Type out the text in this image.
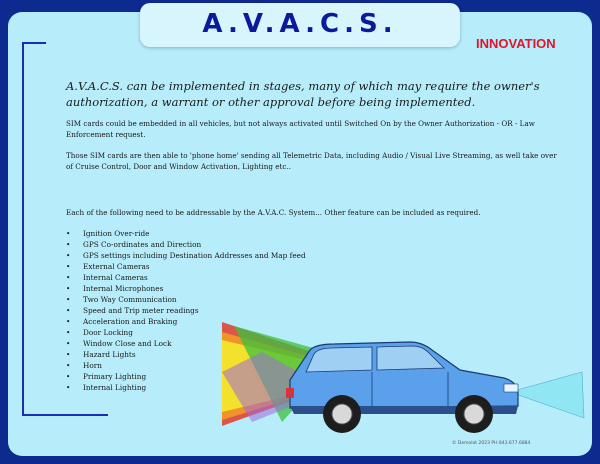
A.V.A.C.S.
INNOVATION
A.V.A.C.S. can be implemented in stages, many of which may require the owner's authorization, a warrant or other approval before being implemented.
SIM cards could be embedded in all vehicles, but not always activated until Switched On by the Owner Authorization - OR - Law Enforcement request.
Those SIM cards are then able to 'phone home' sending all Telemetric Data, including Audio / Visual Live Streaming, as well take over of Cruise Control, Door and Window Activation, Lighting etc..
Each of the following need to be addressable by the A.V.A.C. System... Other feature can be included as required.
• Ignition Over-ride
• GPS Co-ordinates and Direction
• GPS settings including Destination Addresses and Map feed
• External Cameras
• Internal Cameras
• Internal Microphones
• Two Way Communication
• Speed and Trip meter readings
• Acceleration and Braking
• Door Locking
• Window Close and Lock
• Hazard Lights
• Horn
• Primary Lighting
• Internal Lighting
© Demolat 2023 PH 843.677.6884
